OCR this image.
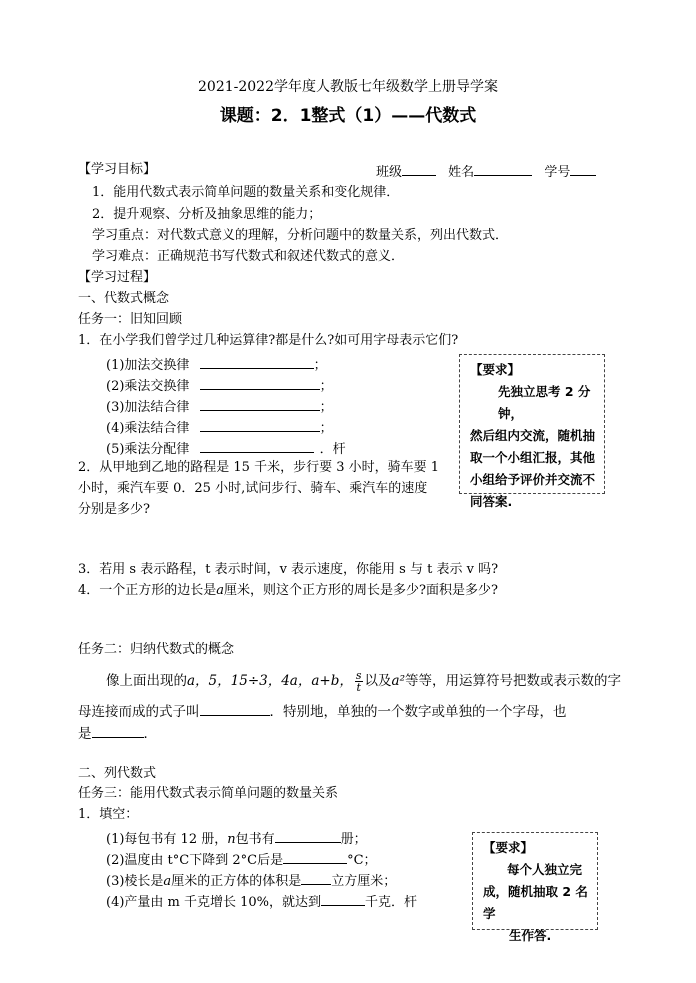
2021-2022学年度人教版七年级数学上册导学案
课题：2．1整式（1）——代数式
【学习目标】	班级	姓名	学号
1．能用代数式表示简单问题的数量关系和变化规律．
2．提升观察、分析及抽象思维的能力；
学习重点：对代数式意义的理解，分析问题中的数量关系，列出代数式．
学习难点：正确规范书写代数式和叙述代数式的意义．
【学习过程】
一、代数式概念
任务一：旧知回顾
1．在小学我们曾学过几种运算律?都是什么?如可用字母表示它们?
(1)加法交换律	；
(2)乘法交换律	；
(3)加法结合律	；
(4)乘法结合律	；
(5)乘法分配律	．杆
2．从甲地到乙地的路程是 15 千米，步行要 3 小时，骑车要 1
小时，乘汽车要 0．25 小时,试问步行、骑车、乘汽车的速度
分别是多少?
3．若用 s 表示路程，t 表示时间，v 表示速度，你能用 s 与 t 表示 v 吗?
4．一个正方形的边长是a厘米，则这个正方形的周长是多少?面积是多少?
任务二：归纳代数式的概念
像上面出现的a，5，15÷3，4a，a+b， $\frac{s}{t}$ 以及a²等等，用运算符号把数或表示数的字
母连接而成的式子叫	．特别地，单独的一个数字或单独的一个字母，也
是	．
二、列代数式
任务三：能用代数式表示简单问题的数量关系
1．填空：
(1)每包书有 12 册，n包书有	册；
(2)温度由 t°C下降到 2°C后是	°C；
(3)棱长是a厘米的正方体的体积是 立方厘米；
(4)产量由 m 千克增长 10%，就达到	千克．杆
【要求】
先独立思考 2 分钟，
然后组内交流，随机抽
取一个小组汇报，其他
小组给予评价并交流不
同答案.
【要求】
每个人独立完
成，随机抽取 2 名学
生作答.
